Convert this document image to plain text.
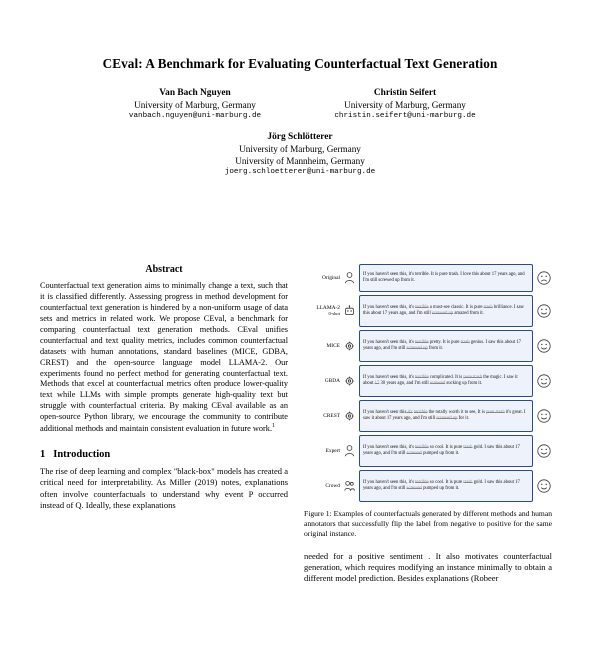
CEval: A Benchmark for Evaluating Counterfactual Text Generation
Van Bach Nguyen
University of Marburg, Germany
vanbach.nguyen@uni-marburg.de
Christin Seifert
University of Marburg, Germany
christin.seifert@uni-marburg.de
Jörg Schlötterer
University of Marburg, Germany
University of Mannheim, Germany
joerg.schloetterer@uni-marburg.de
Abstract
Counterfactual text generation aims to minimally change a text, such that it is classified differently. Assessing progress in method development for counterfactual text generation is hindered by a non-uniform usage of data sets and metrics in related work. We propose CEval, a benchmark for comparing counterfactual text generation methods. CEval unifies counterfactual and text quality metrics, includes common counterfactual datasets with human annotations, standard baselines (MICE, GDBA, CREST) and the open-source language model LLAMA-2. Our experiments found no perfect method for generating counterfactual text. Methods that excel at counterfactual metrics often produce lower-quality text while LLMs with simple prompts generate high-quality text but struggle with counterfactual criteria. By making CEval available as an open-source Python library, we encourage the community to contribute additional methods and maintain consistent evaluation in future work.$^1$
1 Introduction
The rise of deep learning and complex "black-box" models has created a critical need for interpretability. As Miller (2019) notes, explanations often involve counterfactuals to understand why event P occurred instead of Q. Ideally, these explanations
Original
If you haven't seen this, it's terrible. It is pure trash. I love this about 17 years ago, and I'm still screwed up from it.
LLAMA-2
0-shot
If you haven't seen this, it's terrible a must-see classic. It is pure trash brilliance. I saw this about 17 years ago, and I'm still screwed up amazed from it.
MICE
If you haven't seen this, it's terrible pretty. It is pure trash genius. I saw this about 17 years ago, and I'm still screwed up from it.
GBDA
If you haven't seen this, it's terrible complicated. It is pure trash the magic. I saw it about 17 30 years ago, and I'm still screwed sucking up from it.
CREST
If you haven't seen this it's terrible the totally worth it to see, It is pure trash it's great. I saw it about 17 years ago, and I'm still screwed up for it.
Expert
If you haven't seen this, it's terrible so cool. It is pure trash gold. I saw this about 17 years ago, and I'm still screwed pumped up from it.
Crowd
If you haven't seen this, it's terrible so cool. It is pure trash gold. I saw this about 17 years ago, and I'm still screwed pumped up from it.
Figure 1: Examples of counterfactuals generated by different methods and human annotators that successfully flip the label from negative to positive for the same original instance.
needed for a positive sentiment . It also motivates counterfactual generation, which requires modifying an instance minimally to obtain a different model prediction. Besides explanations (Robeer
